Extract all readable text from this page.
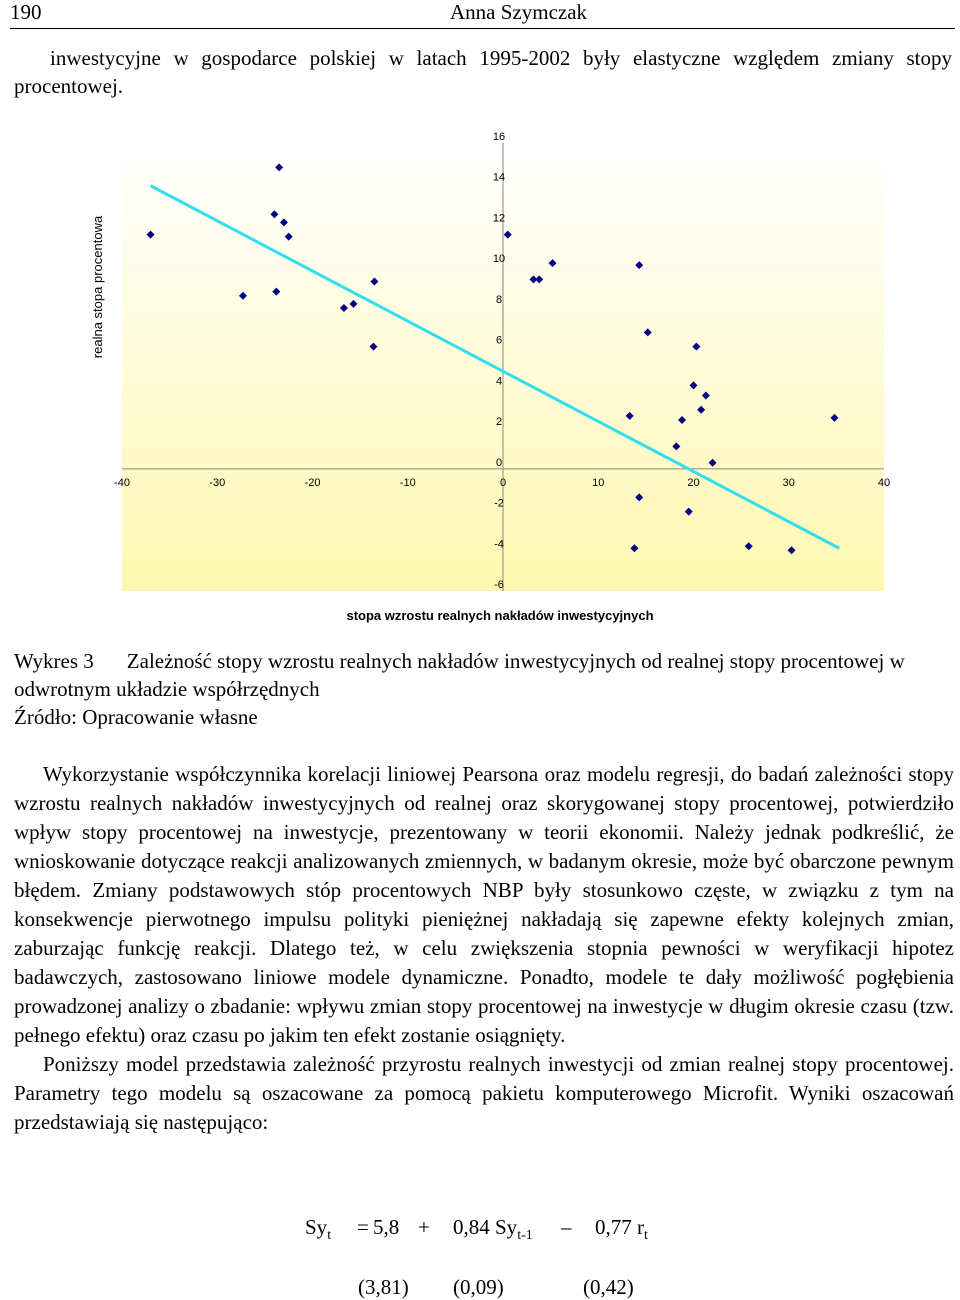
190	Anna Szymczak
inwestycyjne w gospodarce polskiej w latach 1995-2002 były elastyczne względem zmiany stopy procentowej.
-40	-30	-20	-10	0	10	20	30	40
-6
-4
-2
0
2
4
6
8
10
12
14
16
realna stopa procentowa
stopa wzrostu realnych nakładów inwestycyjnych
Wykres 3 Zależność stopy wzrostu realnych nakładów inwestycyjnych od realnej stopy procentowej w odwrotnym układzie współrzędnych
Źródło: Opracowanie własne

Wykorzystanie współczynnika korelacji liniowej Pearsona oraz modelu regresji, do badań zależności stopy wzrostu realnych nakładów inwestycyjnych od realnej oraz skorygowanej stopy procentowej, potwierdziło wpływ stopy procentowej na inwestycje, prezentowany w teorii ekonomii. Należy jednak podkreślić, że wnioskowanie dotyczące reakcji analizowanych zmiennych, w badanym okresie, może być obarczone pewnym błędem. Zmiany podstawowych stóp procentowych NBP były stosunkowo częste, w związku z tym na konsekwencje pierwotnego impulsu polityki pieniężnej nakładają się zapewne efekty kolejnych zmian, zaburzając funkcję reakcji. Dlatego też, w celu zwiększenia stopnia pewności w weryfikacji hipotez badawczych, zastosowano liniowe modele dynamiczne. Ponadto, modele te dały możliwość pogłębienia prowadzonej analizy o zbadanie: wpływu zmian stopy procentowej na inwestycje w długim okresie czasu (tzw. pełnego efektu) oraz czasu po jakim ten efekt zostanie osiągnięty.

Poniższy model przedstawia zależność przyrostu realnych inwestycji od zmian realnej stopy procentowej. Parametry tego modelu są oszacowane za pomocą pakietu komputerowego Microfit. Wyniki oszacowań przedstawiają się następująco:

$Sy_t = 5,8 + 0,84$ $Sy_{t-1} - 0,77$ $r_t$
(3,81) (0,09)	(0,42)
